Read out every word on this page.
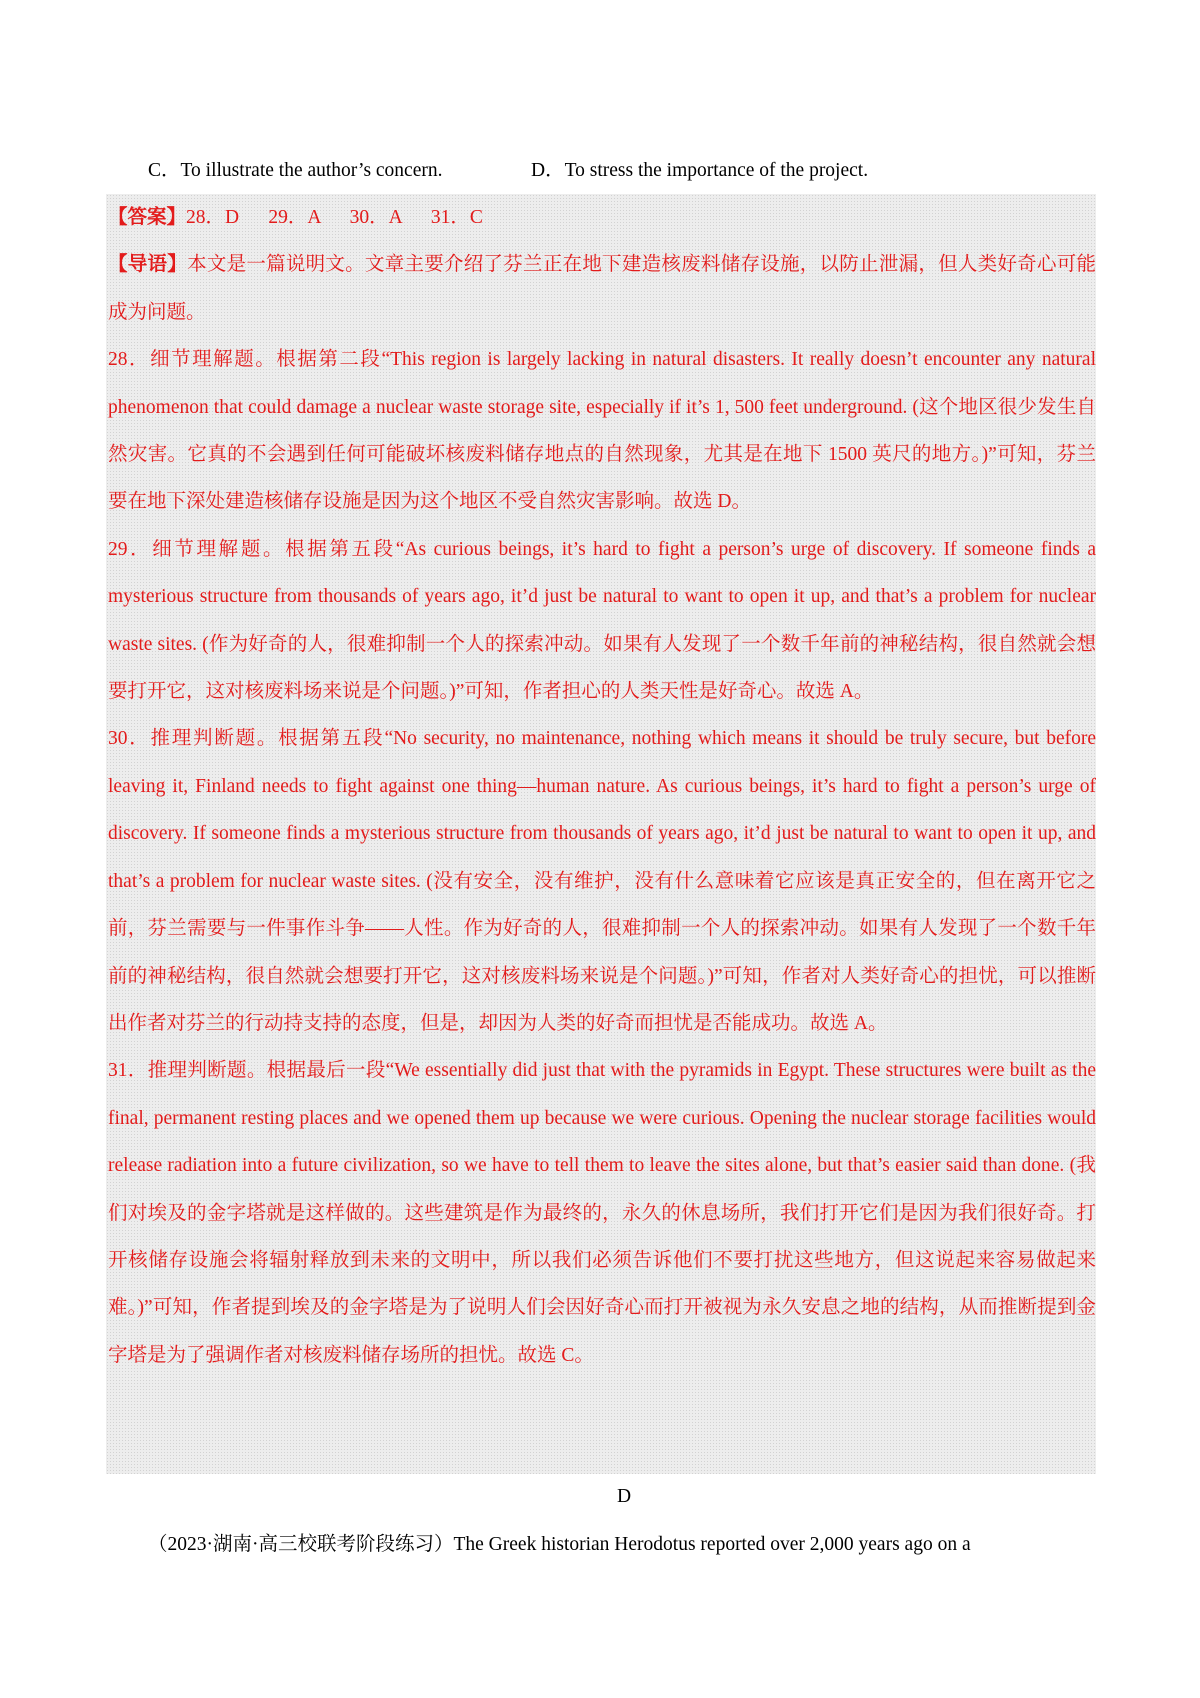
C．To illustrate the author’s concern.	D．To stress the importance of the project.

【答案】28．D      29．A      30．A      31．C

【导语】本文是一篇说明文。文章主要介绍了芬兰正在地下建造核废料储存设施，以防止泄漏，但人类好奇心可能成为问题。

28．细节理解题。根据第二段“This region is largely lacking in natural disasters. It really doesn’t encounter any natural phenomenon that could damage a nuclear waste storage site, especially if it’s 1, 500 feet underground. (这个地区很少发生自然灾害。它真的不会遇到任何可能破坏核废料储存地点的自然现象，尤其是在地下 1500 英尺的地方。)”可知，芬兰要在地下深处建造核储存设施是因为这个地区不受自然灾害影响。故选 D。

29．细节理解题。根据第五段“As curious beings, it’s hard to fight a person’s urge of discovery. If someone finds a mysterious structure from thousands of years ago, it’d just be natural to want to open it up, and that’s a problem for nuclear waste sites. (作为好奇的人，很难抑制一个人的探索冲动。如果有人发现了一个数千年前的神秘结构，很自然就会想要打开它，这对核废料场来说是个问题。)”可知，作者担心的人类天性是好奇心。故选 A。

30．推理判断题。根据第五段“No security, no maintenance, nothing which means it should be truly secure, but before leaving it, Finland needs to fight against one thing—human nature. As curious beings, it’s hard to fight a person’s urge of discovery. If someone finds a mysterious structure from thousands of years ago, it’d just be natural to want to open it up, and that’s a problem for nuclear waste sites. (没有安全，没有维护，没有什么意味着它应该是真正安全的，但在离开它之前，芬兰需要与一件事作斗争——人性。作为好奇的人，很难抑制一个人的探索冲动。如果有人发现了一个数千年前的神秘结构，很自然就会想要打开它，这对核废料场来说是个问题。)”可知，作者对人类好奇心的担忧，可以推断出作者对芬兰的行动持支持的态度，但是，却因为人类的好奇而担忧是否能成功。故选 A。

31．推理判断题。根据最后一段“We essentially did just that with the pyramids in Egypt. These structures were built as the final, permanent resting places and we opened them up because we were curious. Opening the nuclear storage facilities would release radiation into a future civilization, so we have to tell them to leave the sites alone, but that’s easier said than done. (我们对埃及的金字塔就是这样做的。这些建筑是作为最终的，永久的休息场所，我们打开它们是因为我们很好奇。打开核储存设施会将辐射释放到未来的文明中，所以我们必须告诉他们不要打扰这些地方，但这说起来容易做起来难。)”可知，作者提到埃及的金字塔是为了说明人们会因好奇心而打开被视为永久安息之地的结构，从而推断提到金字塔是为了强调作者对核废料储存场所的担忧。故选 C。

D
（2023·湖南·高三校联考阶段练习）The Greek historian Herodotus reported over 2,000 years ago on a
